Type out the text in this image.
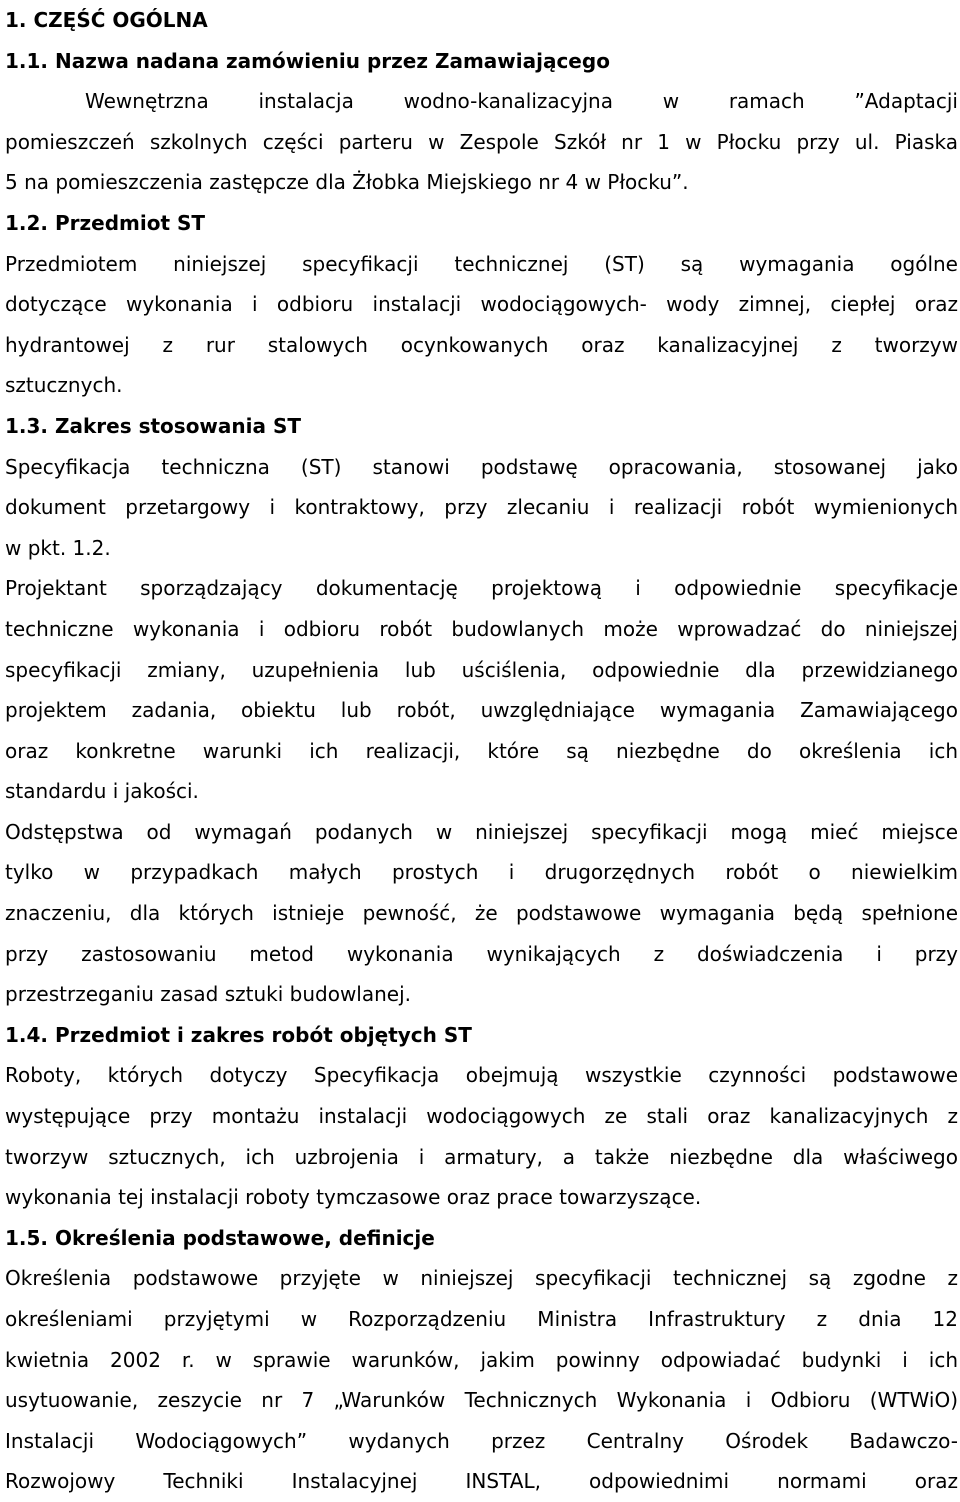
1. CZĘŚĆ OGÓLNA
1.1. Nazwa nadana zamówieniu przez Zamawiającego
Wewnętrzna instalacja wodno-kanalizacyjna w ramach ”Adaptacji
pomieszczeń szkolnych części parteru w Zespole Szkół nr 1 w Płocku przy ul. Piaska
5 na pomieszczenia zastępcze dla Żłobka Miejskiego nr 4 w Płocku”.
1.2. Przedmiot ST
Przedmiotem niniejszej specyfikacji technicznej (ST) są wymagania ogólne
dotyczące wykonania i odbioru instalacji wodociągowych- wody zimnej, ciepłej oraz
hydrantowej z rur stalowych ocynkowanych oraz kanalizacyjnej z tworzyw
sztucznych.
1.3. Zakres stosowania ST
Specyfikacja techniczna (ST) stanowi podstawę opracowania, stosowanej jako
dokument przetargowy i kontraktowy, przy zlecaniu i realizacji robót wymienionych
w pkt. 1.2.
Projektant sporządzający dokumentację projektową i odpowiednie specyfikacje
techniczne wykonania i odbioru robót budowlanych może wprowadzać do niniejszej
specyfikacji zmiany, uzupełnienia lub uściślenia, odpowiednie dla przewidzianego
projektem zadania, obiektu lub robót, uwzględniające wymagania Zamawiającego
oraz konkretne warunki ich realizacji, które są niezbędne do określenia ich
standardu i jakości.
Odstępstwa od wymagań podanych w niniejszej specyfikacji mogą mieć miejsce
tylko w przypadkach małych prostych i drugorzędnych robót o niewielkim
znaczeniu, dla których istnieje pewność, że podstawowe wymagania będą spełnione
przy zastosowaniu metod wykonania wynikających z doświadczenia i przy
przestrzeganiu zasad sztuki budowlanej.
1.4. Przedmiot i zakres robót objętych ST
Roboty, których dotyczy Specyfikacja obejmują wszystkie czynności podstawowe
występujące przy montażu instalacji wodociągowych ze stali oraz kanalizacyjnych z
tworzyw sztucznych, ich uzbrojenia i armatury, a także niezbędne dla właściwego
wykonania tej instalacji roboty tymczasowe oraz prace towarzyszące.
1.5. Określenia podstawowe, definicje
Określenia podstawowe przyjęte w niniejszej specyfikacji technicznej są zgodne z
określeniami przyjętymi w Rozporządzeniu Ministra Infrastruktury z dnia 12
kwietnia 2002 r. w sprawie warunków, jakim powinny odpowiadać budynki i ich
usytuowanie, zeszycie nr 7 „Warunków Technicznych Wykonania i Odbioru (WTWiO)
Instalacji Wodociągowych” wydanych przez Centralny Ośrodek Badawczo-
Rozwojowy Techniki Instalacyjnej INSTAL, odpowiednimi normami oraz
